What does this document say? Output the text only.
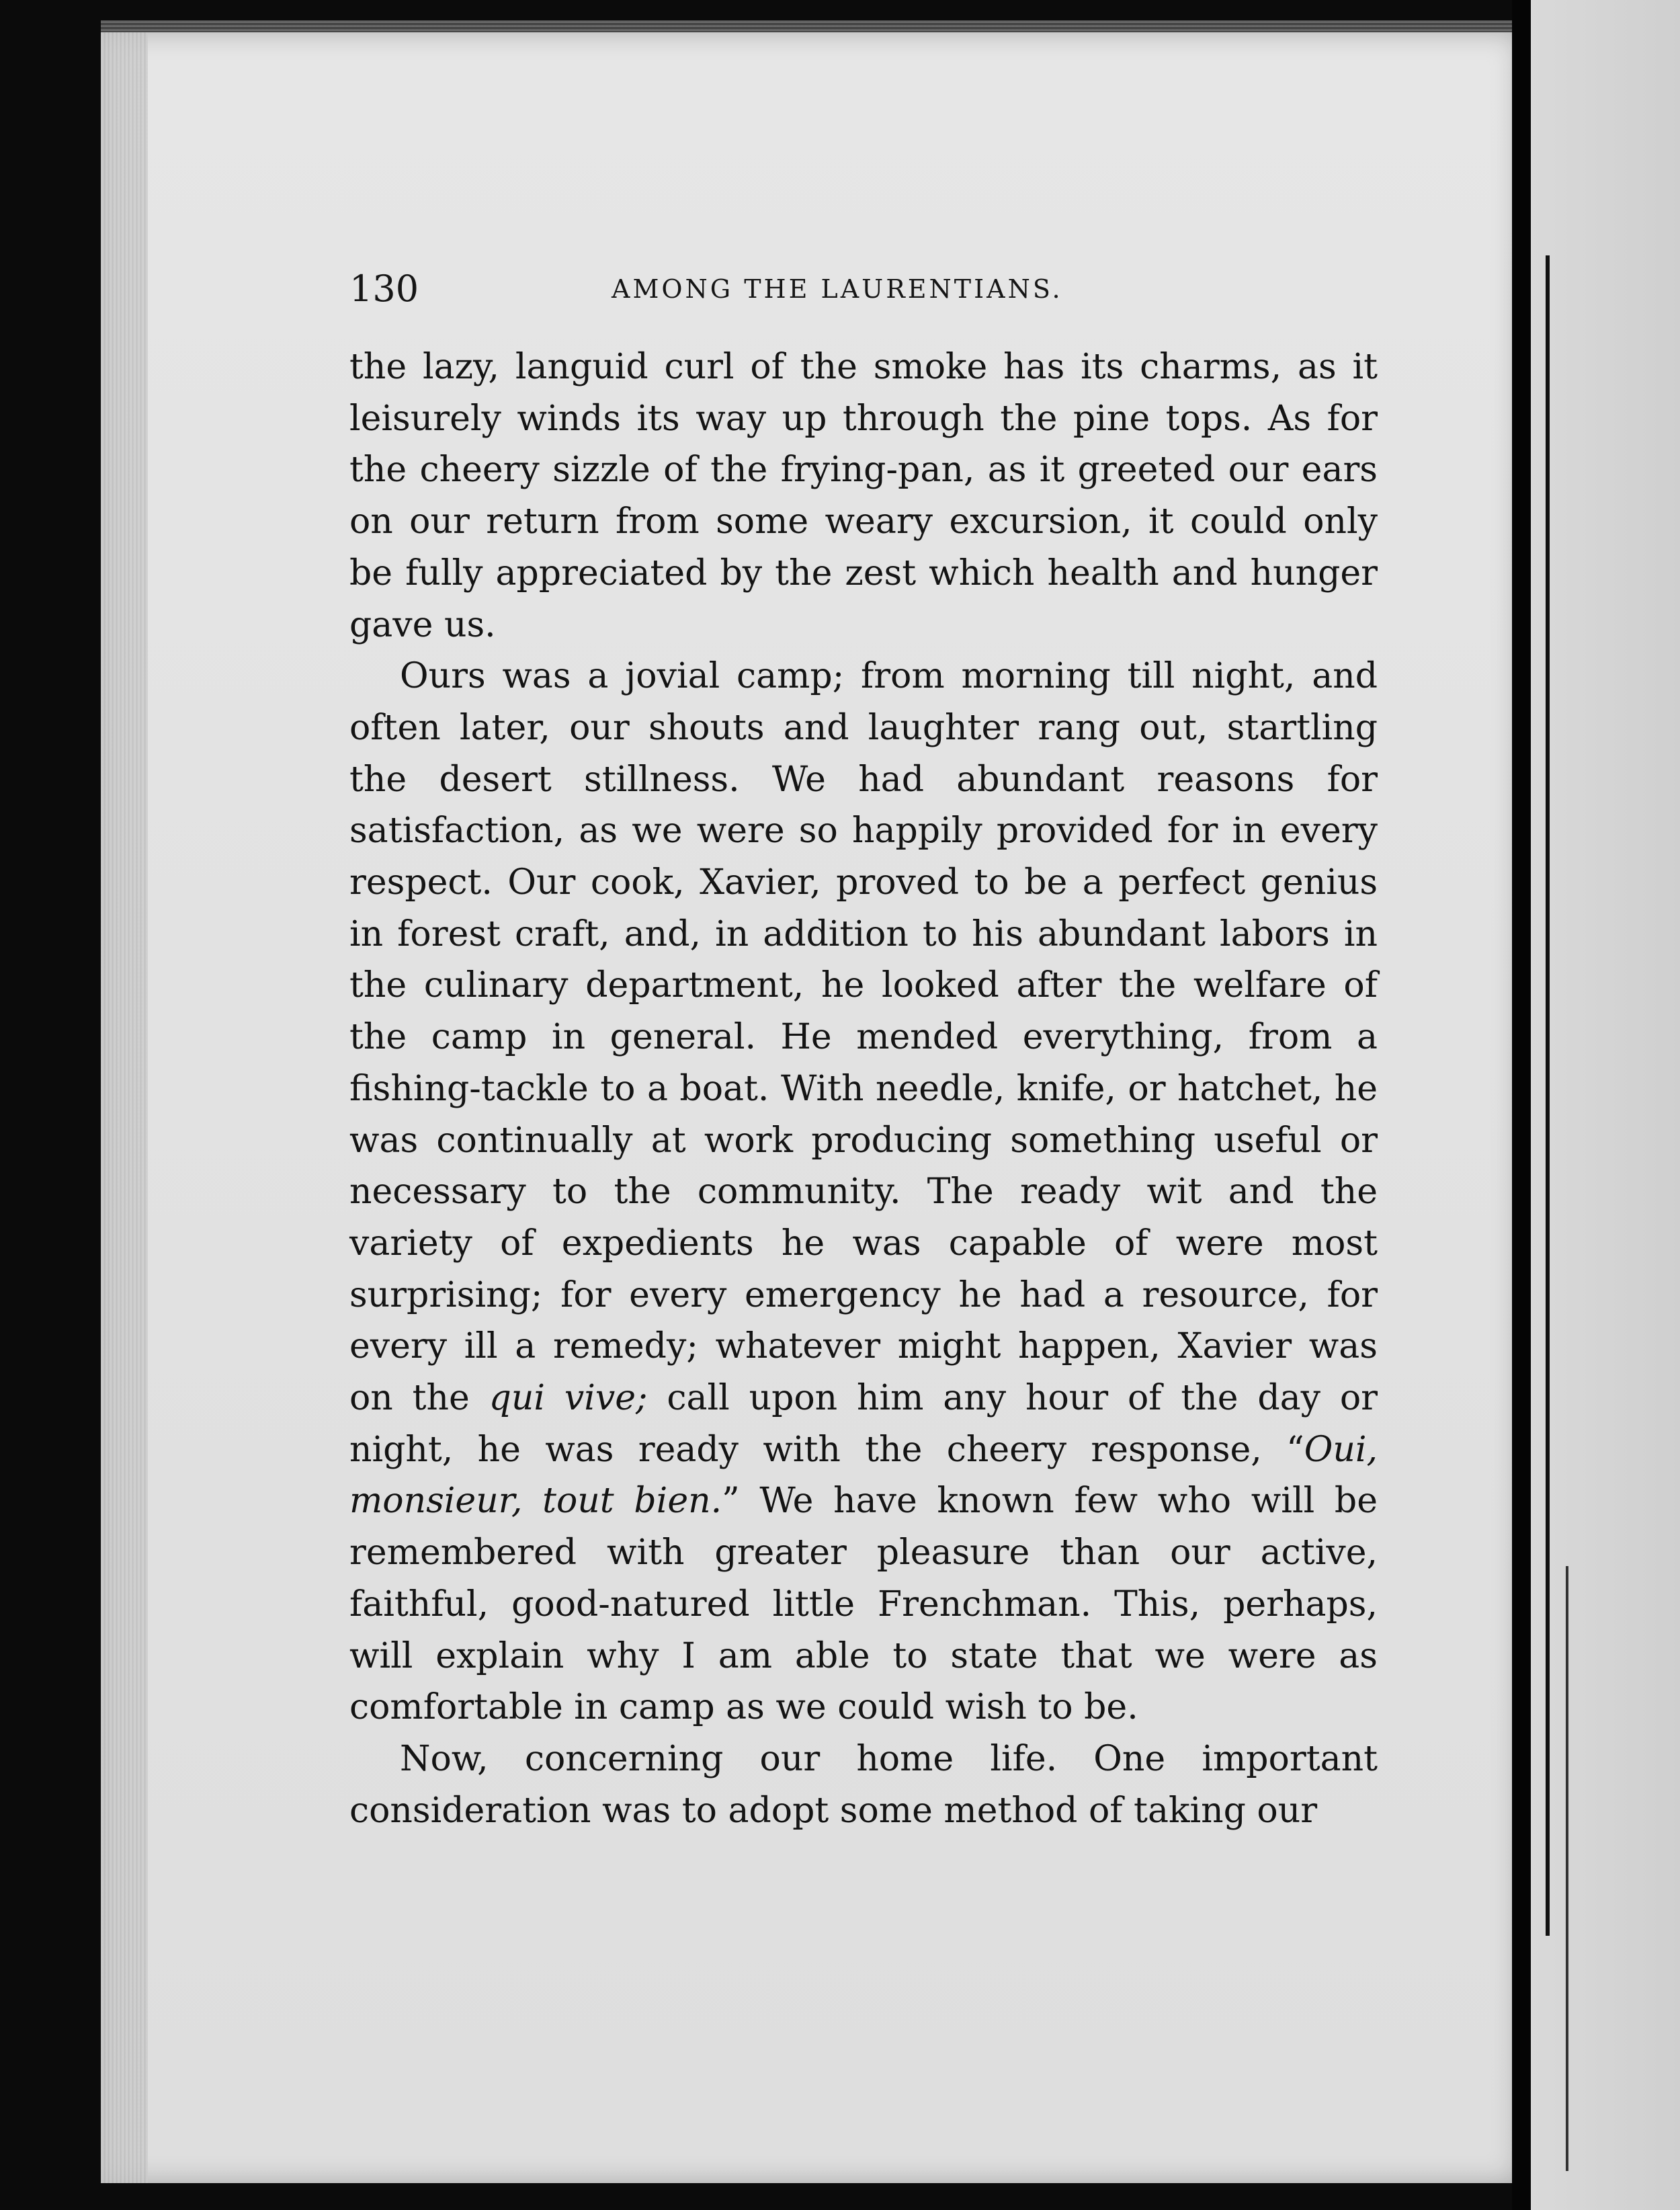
130	AMONG THE LAURENTIANS.

the lazy, languid curl of the smoke has its charms, as it leisurely winds its way up through the pine tops. As for the cheery sizzle of the frying-pan, as it greeted our ears on our return from some weary excursion, it could only be fully appreciated by the zest which health and hunger gave us.

Ours was a jovial camp; from morning till night, and often later, our shouts and laughter rang out, startling the desert stillness. We had abundant reasons for satisfaction, as we were so happily provided for in every respect. Our cook, Xavier, proved to be a perfect genius in forest craft, and, in addition to his abundant labors in the culinary department, he looked after the welfare of the camp in general. He mended everything, from a fishing-tackle to a boat. With needle, knife, or hatchet, he was continually at work producing something useful or necessary to the community. The ready wit and the variety of expedients he was capable of were most surprising; for every emergency he had a resource, for every ill a remedy; whatever might happen, Xavier was on the qui vive; call upon him any hour of the day or night, he was ready with the cheery response, “Oui, monsieur, tout bien.” We have known few who will be remembered with greater pleasure than our active, faithful, good-natured little Frenchman. This, perhaps, will explain why I am able to state that we were as comfortable in camp as we could wish to be.

Now, concerning our home life. One important consideration was to adopt some method of taking our
